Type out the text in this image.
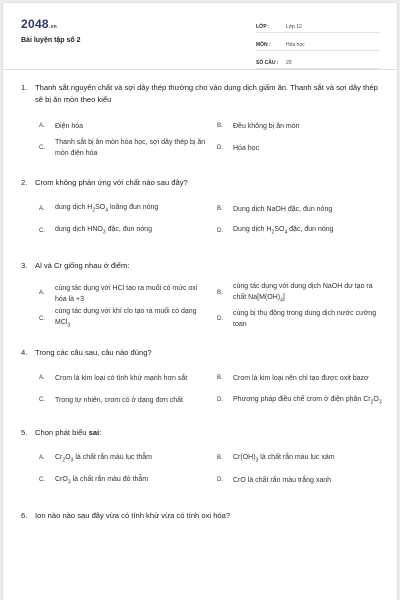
2048.vn
Bài luyện tập số 2
LỚP :	Lớp 12
MÔN :	Hóa học
SỐ CÂU :	20
1.	Thanh sắt nguyên chất và sợi dây thép thường cho vào dung dịch giấm ăn. Thanh sắt và sợi dây thép sẽ bị ăn mòn theo kiểu
A.	Điện hóa	B.	Đều không bị ăn mòn
C.
Thanh sắt bị ăn mòn hóa học, sợi dây thép bị ăn mòn điện hóa
D.	Hóa học
2.	Crom không phản ứng với chất nào sau đây?
A.	dung dịch $H_2SO_4$ loãng đun nóng	B.	Dung dịch NaOH đặc, đun nóng
C.	dung dịch $HNO_3$ đặc, đun nóng	D.	Dung dịch $H_2SO_4$ đặc, đun nóng
3.	Al và Cr giống nhau ở điểm:
A.
cùng tác dụng với HCl tạo ra muối có mức oxi hóa là +3
B.
cùng tác dụng với dung dịch NaOH dư tạo ra chất $Na[M(OH)_4]$
C.
cùng tác dụng với khí clo tạo ra muối có dạng MCl$_3$
D.
cùng bị thụ động trong dung dịch nước cường toan
4.	Trong các câu sau, câu nào đúng?
A.	Crom là kim loại có tính khử mạnh hơn sắt	B.	Crom là kim loại nên chỉ tạo được oxit bazơ
C.	Trong tự nhiên, crom có ở dạng đơn chất	D.	Phương pháp điều chế crom ở điện phân $Cr_2O_3$
5.	Chọn phát biểu sai:
A.	$Cr_2O_3$ là chất rắn màu lục thẫm	B.	$Cr(OH)_3$ là chất rắn màu lục xám
C.	CrO$_3$ là chất rắn màu đỏ thẫm	D.	CrO là chất rắn màu trắng xanh
6.	Ion nào nào sau đây vừa có tính khử vừa có tính oxi hóa?
